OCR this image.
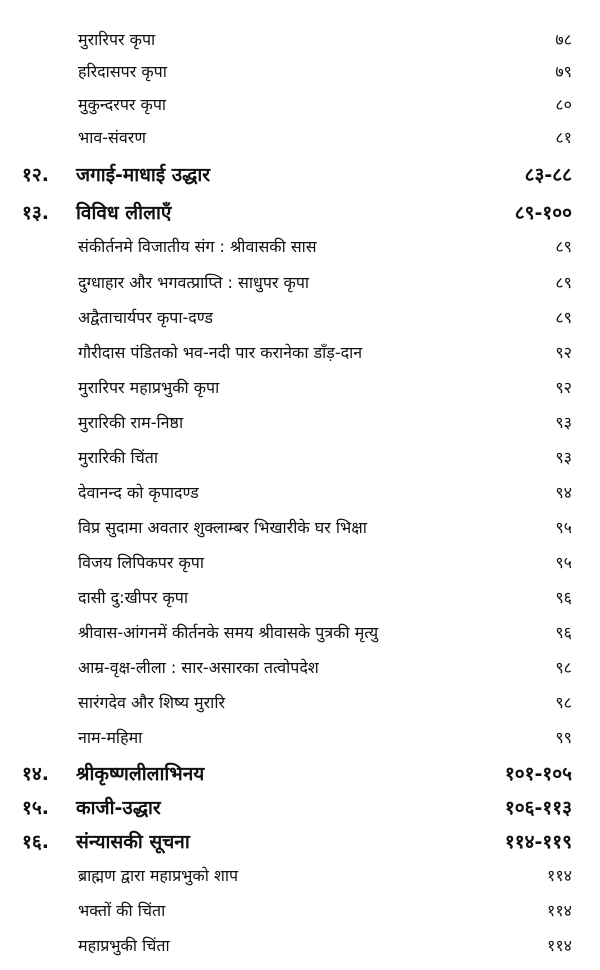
मुरारिपर कृपा	७८
हरिदासपर कृपा	७९
मुकुन्दरपर कृपा	८०
भाव-संवरण	८१
१२. जगाई-माधाई उद्धार	८३-८८
१३. विविध लीलाएँ	८९-१००
संकीर्तनमे विजातीय संग : श्रीवासकी सास	८९
दुग्धाहार और भगवत्प्राप्ति : साधुपर कृपा	८९
अद्वैताचार्यपर कृपा-दण्ड	८९
गौरीदास पंडितको भव-नदी पार करानेका डाँड़-दान	९२
मुरारिपर महाप्रभुकी कृपा	९२
मुरारिकी राम-निष्ठा	९३
मुरारिकी चिंता	९३
देवानन्द को कृपादण्ड	९४
विप्र सुदामा अवतार शुक्लाम्बर भिखारीके घर भिक्षा	९५
विजय लिपिकपर कृपा	९५
दासी दु:खीपर कृपा	९६
श्रीवास-आंगनमें कीर्तनके समय श्रीवासके पुत्रकी मृत्यु	९६
आम्र-वृक्ष-लीला : सार-असारका तत्वोपदेश	९८
सारंगदेव और शिष्य मुरारि	९८
नाम-महिमा	९९
१४. श्रीकृष्णलीलाभिनय	१०१-१०५
१५. काजी-उद्धार	१०६-११३
१६. संन्यासकी सूचना	११४-११९
ब्राह्मण द्वारा महाप्रभुको शाप	११४
भक्तों की चिंता	११४
महाप्रभुकी चिंता	११४
